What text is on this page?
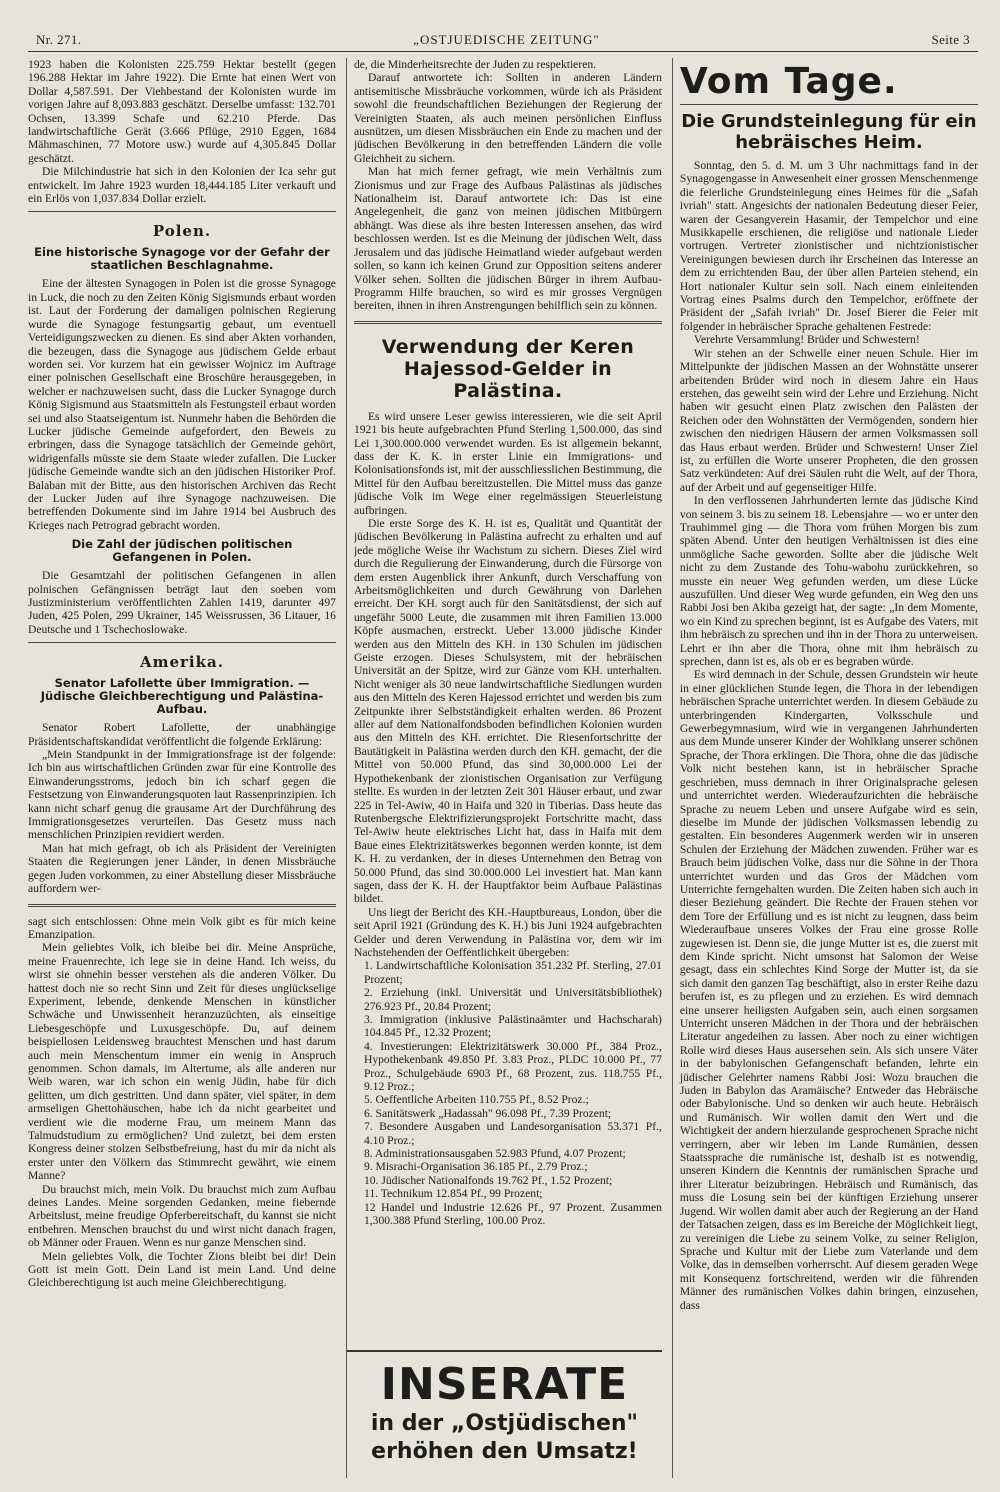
Nr. 271.	„OSTJUEDISCHE ZEITUNG"	Seite 3

1923 haben die Kolonisten 225.759 Hektar bestellt (gegen 196.288 Hektar im Jahre 1922). Die Ernte hat einen Wert von Dollar 4,587.591. Der Viehbestand der Kolonisten wurde im vorigen Jahre auf 8,093.883 geschätzt. Derselbe umfasst: 132.701 Ochsen, 13.399 Schafe und 62.210 Pferde. Das landwirtschaftliche Gerät (3.666 Pflüge, 2910 Eggen, 1684 Mähmaschinen, 77 Motore usw.) wurde auf 4,305.845 Dollar geschätzt.

Die Milchindustrie hat sich in den Kolonien der Ica sehr gut entwickelt. Im Jahre 1923 wurden 18,444.185 Liter verkauft und ein Erlös von 1,037.834 Dollar erzielt.

Polen.
Eine historische Synagoge vor der Gefahr der staatlichen Beschlagnahme.

Eine der ältesten Synagogen in Polen ist die grosse Synagoge in Luck, die noch zu den Zeiten König Sigismunds erbaut worden ist. Laut der Forderung der damaligen polnischen Regierung wurde die Synagoge festungsartig gebaut, um eventuell Verteidigungszwecken zu dienen. Es sind aber Akten vorhanden, die bezeugen, dass die Synagoge aus jüdischem Gelde erbaut worden sei. Vor kurzem hat ein gewisser Wojnicz im Auftrage einer polnischen Gesellschaft eine Broschüre herausgegeben, in welcher er nachzuweisen sucht, dass die Lucker Synagoge durch König Sigismund aus Staatsmitteln als Festungsteil erbaut worden sei und also Staatseigentum ist. Nunmehr haben die Behörden die Lucker jüdische Gemeinde aufgefordert, den Beweis zu erbringen, dass die Synagoge tatsächlich der Gemeinde gehört, widrigenfalls müsste sie dem Staate wieder zufallen. Die Lucker jüdische Gemeinde wandte sich an den jüdischen Historiker Prof. Balaban mit der Bitte, aus den historischen Archiven das Recht der Lucker Juden auf ihre Synagoge nachzuweisen. Die betreffenden Dokumente sind im Jahre 1914 bei Ausbruch des Krieges nach Petrograd gebracht worden.

Die Zahl der jüdischen politischen Gefangenen in Polen.

Die Gesamtzahl der politischen Gefangenen in allen polnischen Gefängnissen beträgt laut den soeben vom Justizministerium veröffentlichten Zahlen 1419, darunter 497 Juden, 425 Polen, 299 Ukrainer, 145 Weissrussen, 36 Litauer, 16 Deutsche und 1 Tschechoslowake.

Amerika.
Senator Lafollette über Immigration. — Jüdische Gleichberechtigung und Palästina-Aufbau.

Senator Robert Lafollette, der unabhängige Präsidentschaftskandidat veröffentlicht die folgende Erklärung:

„Mein Standpunkt in der Immigrationsfrage ist der folgende: Ich bin aus wirtschaftlichen Gründen zwar für eine Kontrolle des Einwanderungsstroms, jedoch bin ich scharf gegen die Festsetzung von Einwanderungsquoten laut Rassenprinzipien. Ich kann nicht scharf genug die grausame Art der Durchführung des Immigrationsgesetzes verurteilen. Das Gesetz muss nach menschlichen Prinzipien revidiert werden.

Man hat mich gefragt, ob ich als Präsident der Vereinigten Staaten die Regierungen jener Länder, in denen Missbräuche gegen Juden vorkommen, zu einer Abstellung dieser Missbräuche auffordern wer-

sagt sich entschlossen: Ohne mein Volk gibt es für mich keine Emanzipation.

Mein geliebtes Volk, ich bleibe bei dir. Meine Ansprüche, meine Frauenrechte, ich lege sie in deine Hand. Ich weiss, du wirst sie ohnehin besser verstehen als die anderen Völker. Du hattest doch nie so recht Sinn und Zeit für dieses unglückselige Experiment, lebende, denkende Menschen in künstlicher Schwäche und Unwissenheit heranzuzüchten, als einseitige Liebesgeschöpfe und Luxusgeschöpfe. Du, auf deinem beispiellosen Leidensweg brauchtest Menschen und hast darum auch mein Menschentum immer ein wenig in Anspruch genommen. Schon damals, im Altertume, als alle anderen nur Weib waren, war ich schon ein wenig Jüdin, habe für dich gelitten, um dich gestritten. Und dann später, viel später, in dem armseligen Ghettohäuschen, habe ich da nicht gearbeitet und verdient wie die moderne Frau, um meinem Mann das Talmudstudium zu ermöglichen? Und zuletzt, bei dem ersten Kongress deiner stolzen Selbstbefreiung, hast du mir da nicht als erster unter den Völkern das Stimmrecht gewährt, wie einem Manne?

Du brauchst mich, mein Volk. Du brauchst mich zum Aufbau deines Landes. Meine sorgenden Gedanken, meine fiebernde Arbeitslust, meine freudige Opferbereitschaft, du kannst sie nicht entbehren. Menschen brauchst du und wirst nicht danach fragen, ob Männer oder Frauen. Wenn es nur ganze Menschen sind.

Mein geliebtes Volk, die Tochter Zions bleibt bei dir! Dein Gott ist mein Gott. Dein Land ist mein Land. Und deine Gleichberechtigung ist auch meine Gleichberechtigung.

de, die Minderheitsrechte der Juden zu respektieren.

Darauf antwortete ich: Sollten in anderen Ländern antisemitische Missbräuche vorkommen, würde ich als Präsident sowohl die freundschaftlichen Beziehungen der Regierung der Vereinigten Staaten, als auch meinen persönlichen Einfluss ausnützen, um diesen Missbräuchen ein Ende zu machen und der jüdischen Bevölkerung in den betreffenden Ländern die volle Gleichheit zu sichern.

Man hat mich ferner gefragt, wie mein Verhältnis zum Zionismus und zur Frage des Aufbaus Palästinas als jüdisches Nationalheim ist. Darauf antwortete ich: Das ist eine Angelegenheit, die ganz von meinen jüdischen Mitbürgern abhängt. Was diese als ihre besten Interessen ansehen, das wird beschlossen werden. Ist es die Meinung der jüdischen Welt, dass Jerusalem und das jüdische Heimatland wieder aufgebaut werden sollen, so kann ich keinen Grund zur Opposition seitens anderer Völker sehen. Sollten die jüdischen Bürger in ihrem Aufbau-Programm Hilfe brauchen, so wird es mir grosses Vergnügen bereiten, ihnen in ihren Anstrengungen behilflich sein zu können.

Verwendung der Keren Hajessod-Gelder in Palästina.

Es wird unsere Leser gewiss interessieren, wie die seit April 1921 bis heute aufgebrachten Pfund Sterling 1,500.000, das sind Lei 1,300.000.000 verwendet wurden. Es ist allgemein bekannt, dass der K. K. in erster Linie ein Immigrations- und Kolonisationsfonds ist, mit der ausschliesslichen Bestimmung, die Mittel für den Aufbau bereitzustellen. Die Mittel muss das ganze jüdische Volk im Wege einer regelmässigen Steuerleistung aufbringen.

Die erste Sorge des K. H. ist es, Qualität und Quantität der jüdischen Bevölkerung in Palästina aufrecht zu erhalten und auf jede mögliche Weise ihr Wachstum zu sichern. Dieses Ziel wird durch die Regulierung der Einwanderung, durch die Fürsorge von dem ersten Augenblick ihrer Ankunft, durch Verschaffung von Arbeitsmöglichkeiten und durch Gewährung von Darlehen erreicht. Der KH. sorgt auch für den Sanitätsdienst, der sich auf ungefähr 5000 Leute, die zusammen mit ihren Familien 13.000 Köpfe ausmachen, erstreckt. Ueber 13.000 jüdische Kinder werden aus den Mitteln des KH. in 130 Schulen im jüdischen Geiste erzogen. Dieses Schulsystem, mit der hebräischen Universität an der Spitze, wird zur Gänze vom KH. unterhalten. Nicht weniger als 30 neue landwirtschaftliche Siedlungen wurden aus den Mitteln des Keren Hajessod errichtet und werden bis zum Zeitpunkte ihrer Selbstständigkeit erhalten werden. 86 Prozent aller auf dem Nationalfondsboden befindlichen Kolonien wurden aus den Mitteln des KH. errichtet. Die Riesenfortschritte der Bautätigkeit in Palästina werden durch den KH. gemacht, der die Mittel von 50.000 Pfund, das sind 30,000.000 Lei der Hypothekenbank der zionistischen Organisation zur Verfügung stellte. Es wurden in der letzten Zeit 301 Häuser erbaut, und zwar 225 in Tel-Awiw, 40 in Haifa und 320 in Tiberias. Dass heute das Rutenbergsche Elektrifizierungsprojekt Fortschritte macht, dass Tel-Awiw heute elektrisches Licht hat, dass in Haifa mit dem Baue eines Elektrizitätswerkes begonnen werden konnte, ist dem K. H. zu verdanken, der in dieses Unternehmen den Betrag von 50.000 Pfund, das sind 30.000.000 Lei investiert hat. Man kann sagen, dass der K. H. der Hauptfaktor beim Aufbaue Palästinas bildet.

Uns liegt der Bericht des KH.-Hauptbureaus, London, über die seit April 1921 (Gründung des K. H.) bis Juni 1924 aufgebrachten Gelder und deren Verwendung in Palästina vor, dem wir im Nachstehenden der Oeffentlichkeit übergeben:

1. Landwirtschaftliche Kolonisation 351.232 Pf. Sterling, 27.01 Prozent;

2. Erziehung (inkl. Universität und Universitätsbibliothek) 276.923 Pf., 20.84 Prozent;

3. Immigration (inklusive Palästinaämter und Hachscharah) 104.845 Pf., 12.32 Prozent;

4. Investierungen: Elektrizitätswerk 30.000 Pf., 384 Proz., Hypothekenbank 49.850 Pf. 3.83 Proz., PLDC 10.000 Pf., 77 Proz., Schulgebäude 6903 Pf., 68 Prozent, zus. 118.755 Pf., 9.12 Proz.;

5. Oeffentliche Arbeiten 110.755 Pf., 8.52 Proz.;

6. Sanitätswerk „Hadassah" 96.098 Pf., 7.39 Prozent;

7. Besondere Ausgaben und Landesorganisation 53.371 Pf., 4.10 Proz.;

8. Administrationsausgaben 52.983 Pfund, 4.07 Prozent;

9. Misrachi-Organisation 36.185 Pf., 2.79 Proz.;

10. Jüdischer Nationalfonds 19.762 Pf., 1.52 Prozent;

11. Technikum 12.854 Pf., 99 Prozent;

12 Handel und Industrie 12.626 Pf., 97 Prozent. Zusammen 1,300.388 Pfund Sterling, 100.00 Proz.

INSERATE
in der „Ostjüdischen"
erhöhen den Umsatz!
Vom Tage.
Die Grundsteinlegung für ein hebräisches Heim.

Sonntag, den 5. d. M. um 3 Uhr nachmittags fand in der Synagogengasse in Anwesenheit einer grossen Menschenmenge die feierliche Grundsteinlegung eines Heimes für die „Safah ivriah" statt. Angesichts der nationalen Bedeutung dieser Feier, waren der Gesangverein Hasamir, der Tempelchor und eine Musikkapelle erschienen, die religiöse und nationale Lieder vortrugen. Vertreter zionistischer und nichtzionistischer Vereinigungen bewiesen durch ihr Erscheinen das Interesse an dem zu errichtenden Bau, der über allen Parteien stehend, ein Hort nationaler Kultur sein soll. Nach einem einleitenden Vortrag eines Psalms durch den Tempelchor, eröffnete der Präsident der „Safah ivriah" Dr. Josef Bierer die Feier mit folgender in hebräischer Sprache gehaltenen Festrede:

Verehrte Versammlung! Brüder und Schwestern!

Wir stehen an der Schwelle einer neuen Schule. Hier im Mittelpunkte der jüdischen Massen an der Wohnstätte unserer arbeitenden Brüder wird noch in diesem Jahre ein Haus erstehen, das geweiht sein wird der Lehre und Erziehung. Nicht haben wir gesucht einen Platz zwischen den Palästen der Reichen oder den Wohnstätten der Vermögenden, sondern hier zwischen den niedrigen Häusern der armen Volksmassen soll das Haus erbaut werden. Brüder und Schwestern! Unser Ziel ist, zu erfüllen die Worte unserer Propheten, die den grossen Satz verkündeten: Auf drei Säulen ruht die Welt, auf der Thora, auf der Arbeit und auf gegenseitiger Hilfe.

In den verflossenen Jahrhunderten lernte das jüdische Kind von seinem 3. bis zu seinem 18. Lebensjahre — wo er unter den Trauhimmel ging — die Thora vom frühen Morgen bis zum späten Abend. Unter den heutigen Verhältnissen ist dies eine unmögliche Sache geworden. Sollte aber die jüdische Welt nicht zu dem Zustande des Tohu-wabohu zurückkehren, so musste ein neuer Weg gefunden werden, um diese Lücke auszufüllen. Und dieser Weg wurde gefunden, ein Weg den uns Rabbi Josi ben Akiba gezeigt hat, der sagte: „In dem Momente, wo ein Kind zu sprechen beginnt, ist es Aufgabe des Vaters, mit ihm hebräisch zu sprechen und ihn in der Thora zu unterweisen. Lehrt er ihn aber die Thora, ohne mit ihm hebräisch zu sprechen, dann ist es, als ob er es begraben würde.

Es wird demnach in der Schule, dessen Grundstein wir heute in einer glücklichen Stunde legen, die Thora in der lebendigen hebräischen Sprache unterrichtet werden. In diesem Gebäude zu unterbringenden Kindergarten, Volksschule und Gewerbegymnasium, wird wie in vergangenen Jahrhunderten aus dem Munde unserer Kinder der Wohlklang unserer schönen Sprache, der Thora erklingen. Die Thora, ohne die das jüdische Volk nicht bestehen kann, ist in hebräischer Sprache geschrieben, muss demnach in ihrer Originalsprache gelesen und unterrichtet werden. Wiederaufzurichten die hebräische Sprache zu neuem Leben und unsere Aufgabe wird es sein, dieselbe im Munde der jüdischen Volksmassen lebendig zu gestalten. Ein besonderes Augenmerk werden wir in unseren Schulen der Erziehung der Mädchen zuwenden. Früher war es Brauch beim jüdischen Volke, dass nur die Söhne in der Thora unterrichtet wurden und das Gros der Mädchen vom Unterrichte ferngehalten wurden. Die Zeiten haben sich auch in dieser Beziehung geändert. Die Rechte der Frauen stehen vor dem Tore der Erfüllung und es ist nicht zu leugnen, dass beim Wiederaufbaue unseres Volkes der Frau eine grosse Rolle zugewiesen ist. Denn sie, die junge Mutter ist es, die zuerst mit dem Kinde spricht. Nicht umsonst hat Salomon der Weise gesagt, dass ein schlechtes Kind Sorge der Mutter ist, da sie sich damit den ganzen Tag beschäftigt, also in erster Reihe dazu berufen ist, es zu pflegen und zu erziehen. Es wird demnach eine unserer heiligsten Aufgaben sein, auch einen sorgsamen Unterricht unseren Mädchen in der Thora und der hebräischen Literatur angedeihen zu lassen. Aber noch zu einer wichtigen Rolle wird dieses Haus ausersehen sein. Als sich unsere Väter in der babylonischen Gefangenschaft befanden, lehrte ein jüdischer Gelehrter namens Rabbi Josi: Wozu brauchen die Juden in Babylon das Aramäische? Entweder das Hebräische oder Babylonische. Und so denken wir auch heute. Hebräisch und Rumänisch. Wir wollen damit den Wert und die Wichtigkeit der andern hierzulande gesprochenen Sprache nicht verringern, aber wir leben im Lande Rumänien, dessen Staatssprache die rumänische ist, deshalb ist es notwendig, unseren Kindern die Kenntnis der rumänischen Sprache und ihrer Literatur beizubringen. Hebräisch und Rumänisch, das muss die Losung sein bei der künftigen Erziehung unserer Jugend. Wir wollen damit aber auch der Regierung an der Hand der Tatsachen zeigen, dass es im Bereiche der Möglichkeit liegt, zu vereinigen die Liebe zu seinem Volke, zu seiner Religion, Sprache und Kultur mit der Liebe zum Vaterlande und dem Volke, das in demselben vorherrscht. Auf diesem geraden Wege mit Konsequenz fortschreitend, werden wir die führenden Männer des rumänischen Volkes dahin bringen, einzusehen, dass
